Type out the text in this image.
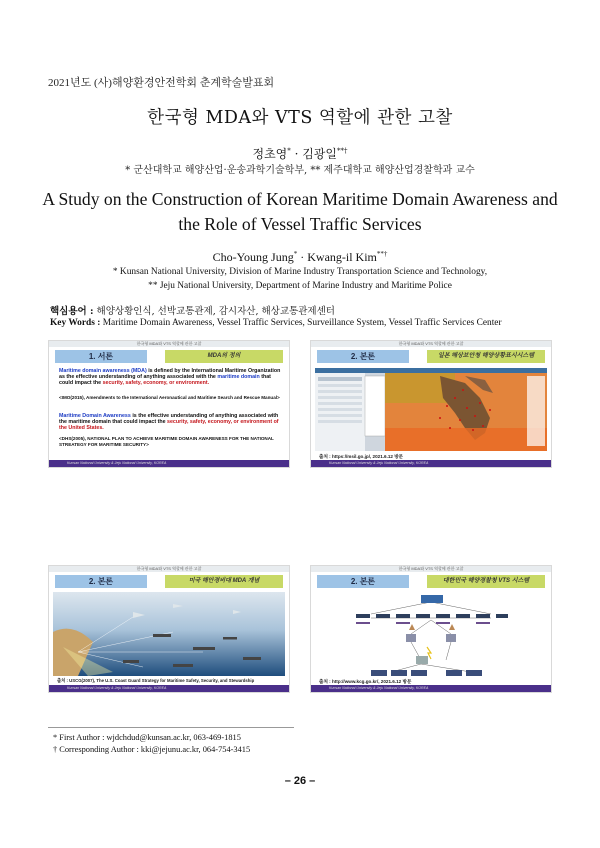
2021년도 (사)해양환경안전학회 춘계학술발표회
한국형 MDA와 VTS 역할에 관한 고찰
정초영* · 김광일**†
* 군산대학교 해양산업·운송과학기술학부, ** 제주대학교 해양산업경찰학과 교수
A Study on the Construction of Korean Maritime Domain Awareness and
the Role of Vessel Traffic Services
Cho-Young Jung* · Kwang-il Kim**†
* Kunsan National University, Division of Marine Industry Transportation Science and Technology,
** Jeju National University, Department of Marine Industry and Maritime Police
핵심용어 : 해양상황인식, 선박교통관제, 감시자산, 해상교통관제센터
Key Words : Maritime Domain Awareness, Vessel Traffic Services, Surveillance System, Vessel Traffic Services Center
한국형 MDA와 VTS 역할에 관한 고찰
1. 서론	MDA의 정의
Maritime domain awareness (MDA) is defined by the International Maritime Organization as the effective understanding of anything associated with the maritime domain that could impact the security, safety, economy, or environment.
<IMO(2015), Amendments to the International Aeronautical and Maritime Search and Rescue Manual>
Maritime Domain Awareness is the effective understanding of anything associated with the maritime domain that could impact the security, safety, economy, or environment of the United States.
<DHS(2005), NATIONAL PLAN TO ACHIEVE MARITIME DOMAIN AWARENESS FOR THE NATIONAL STREATEGY FOR MARITIME SECURITY>
Kunsan National University & Jeju National University, KOREA
한국형 MDA와 VTS 역할에 관한 고찰
2. 본론	일본 해상보안청 해양상황표시시스템
출처 : https://msil.go.jp/, 2021.6.12 방문
Kunsan National University & Jeju National University, KOREA
한국형 MDA와 VTS 역할에 관한 고찰
2. 본론	미국 해안경비대 MDA 개념
출처 : USCG(2007), The U.S. Coast Guard Strategy for Maritime Safety, Security, and Stewardship
Kunsan National University & Jeju National University, KOREA
한국형 MDA와 VTS 역할에 관한 고찰
2. 본론	대한민국 해양경찰청 VTS 시스템
출처 : http://www.kcg.go.kr/, 2021.6.12 방문
Kunsan National University & Jeju National University, KOREA
* First Author : wjdchdud@kunsan.ac.kr, 063-469-1815
† Corresponding Author : kki@jejunu.ac.kr, 064-754-3415
– 26 –
